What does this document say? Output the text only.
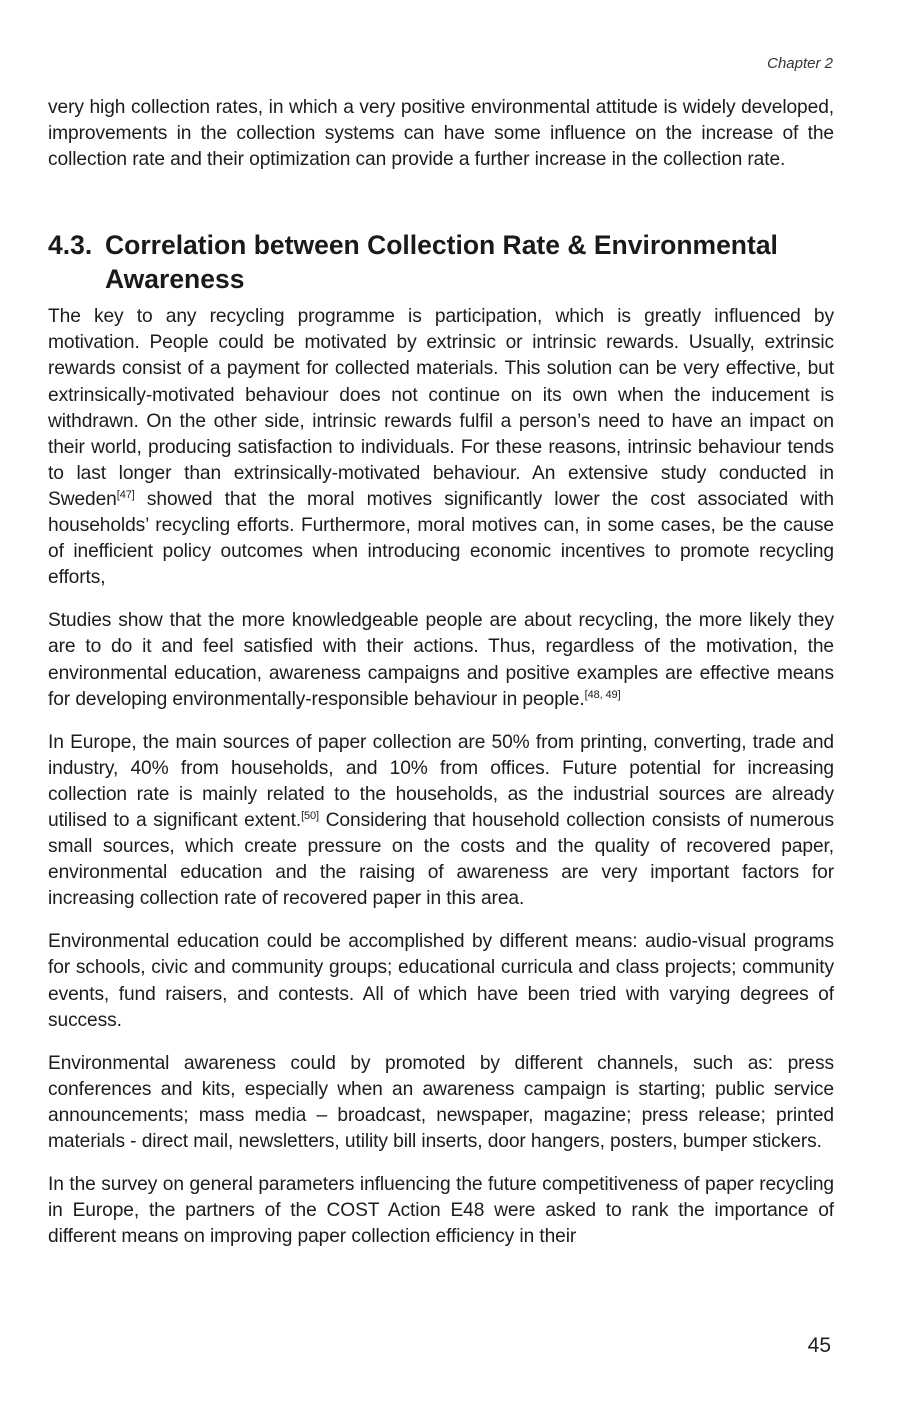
Chapter 2

very high collection rates, in which a very positive environmental attitude is widely developed, improvements in the collection systems can have some influence on the increase of the collection rate and their optimization can provide a further increase in the collection rate.

4.3. Correlation between Collection Rate & Environmental Awareness

The key to any recycling programme is participation, which is greatly influenced by motivation. People could be motivated by extrinsic or intrinsic rewards. Usually, extrinsic rewards consist of a payment for collected materials. This solution can be very effective, but extrinsically-motivated behaviour does not continue on its own when the inducement is withdrawn. On the other side, intrinsic rewards fulfil a person’s need to have an impact on their world, producing satisfaction to individuals. For these reasons, intrinsic behaviour tends to last longer than extrinsically-motivated behaviour. An extensive study conducted in Sweden[47] showed that the moral motives significantly lower the cost associated with households’ recycling efforts. Furthermore, moral motives can, in some cases, be the cause of inefficient policy outcomes when introducing economic incentives to promote recycling efforts,

Studies show that the more knowledgeable people are about recycling, the more likely they are to do it and feel satisfied with their actions. Thus, regardless of the motivation, the environmental education, awareness campaigns and positive examples are effective means for developing environmentally-responsible behaviour in people.[48, 49]

In Europe, the main sources of paper collection are 50% from printing, converting, trade and industry, 40% from households, and 10% from offices. Future potential for increasing collection rate is mainly related to the households, as the industrial sources are already utilised to a significant extent.[50] Considering that household collection consists of numerous small sources, which create pressure on the costs and the quality of recovered paper, environmental education and the raising of awareness are very important factors for increasing collection rate of recovered paper in this area.

Environmental education could be accomplished by different means: audio-visual programs for schools, civic and community groups; educational curricula and class projects; community events, fund raisers, and contests. All of which have been tried with varying degrees of success.

Environmental awareness could by promoted by different channels, such as: press conferences and kits, especially when an awareness campaign is starting; public service announcements; mass media – broadcast, newspaper, magazine; press release; printed materials - direct mail, newsletters, utility bill inserts, door hangers, posters, bumper stickers.

In the survey on general parameters influencing the future competitiveness of paper recycling in Europe, the partners of the COST Action E48 were asked to rank the importance of different means on improving paper collection efficiency in their

45
